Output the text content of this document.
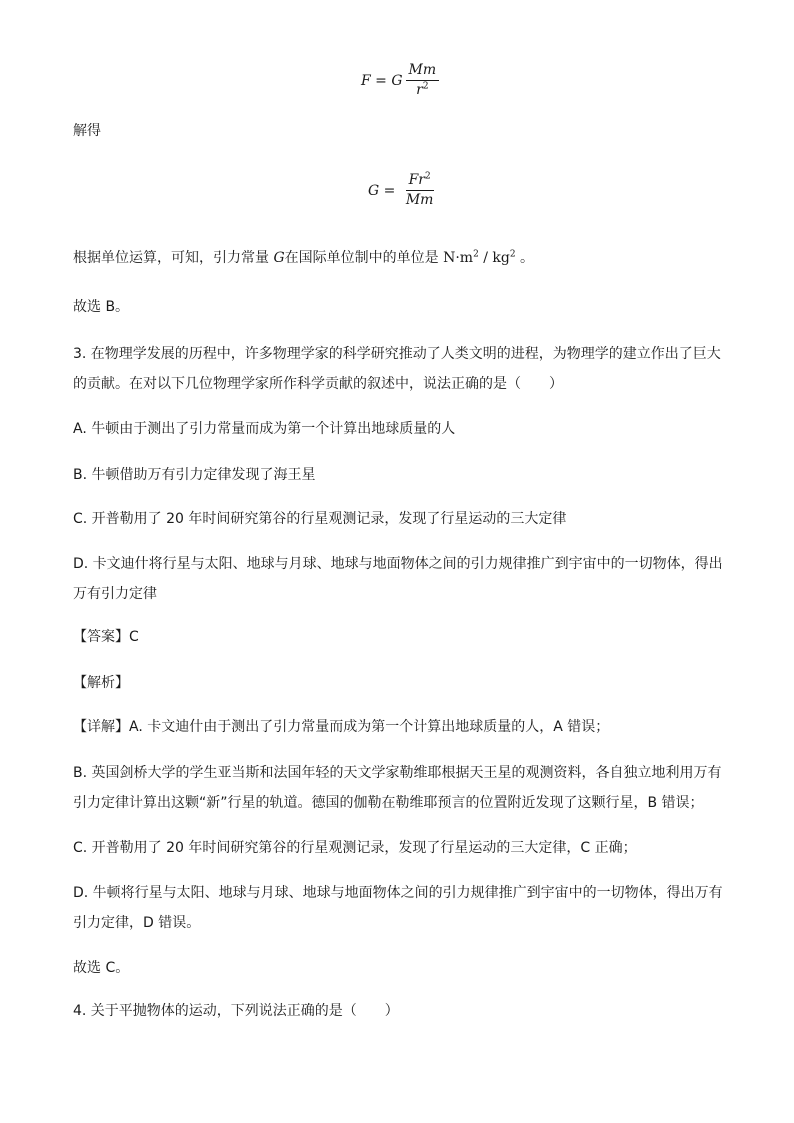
F = G $\frac{Mm}{r^2}$
解得
$G = \frac{Fr^2}{Mm}$
根据单位运算，可知，引力常量 G在国际单位制中的单位是 $N\cdot m^2 / kg^2$ 。
故选 B。
3. 在物理学发展的历程中，许多物理学家的科学研究推动了人类文明的进程，为物理学的建立作出了巨大
的贡献。在对以下几位物理学家所作科学贡献的叙述中，说法正确的是（　　）
A. 牛顿由于测出了引力常量而成为第一个计算出地球质量的人
B. 牛顿借助万有引力定律发现了海王星
C. 开普勒用了 20 年时间研究第谷的行星观测记录，发现了行星运动的三大定律
D. 卡文迪什将行星与太阳、地球与月球、地球与地面物体之间的引力规律推广到宇宙中的一切物体，得出
万有引力定律
【答案】C
【解析】
【详解】A. 卡文迪什由于测出了引力常量而成为第一个计算出地球质量的人，A 错误；
B. 英国剑桥大学的学生亚当斯和法国年轻的天文学家勒维耶根据天王星的观测资料，各自独立地利用万有
引力定律计算出这颗“新”行星的轨道。德国的伽勒在勒维耶预言的位置附近发现了这颗行星，B 错误；
C. 开普勒用了 20 年时间研究第谷的行星观测记录，发现了行星运动的三大定律，C 正确；
D. 牛顿将行星与太阳、地球与月球、地球与地面物体之间的引力规律推广到宇宙中的一切物体，得出万有
引力定律，D 错误。
故选 C。
4. 关于平抛物体的运动，下列说法正确的是（　　）
